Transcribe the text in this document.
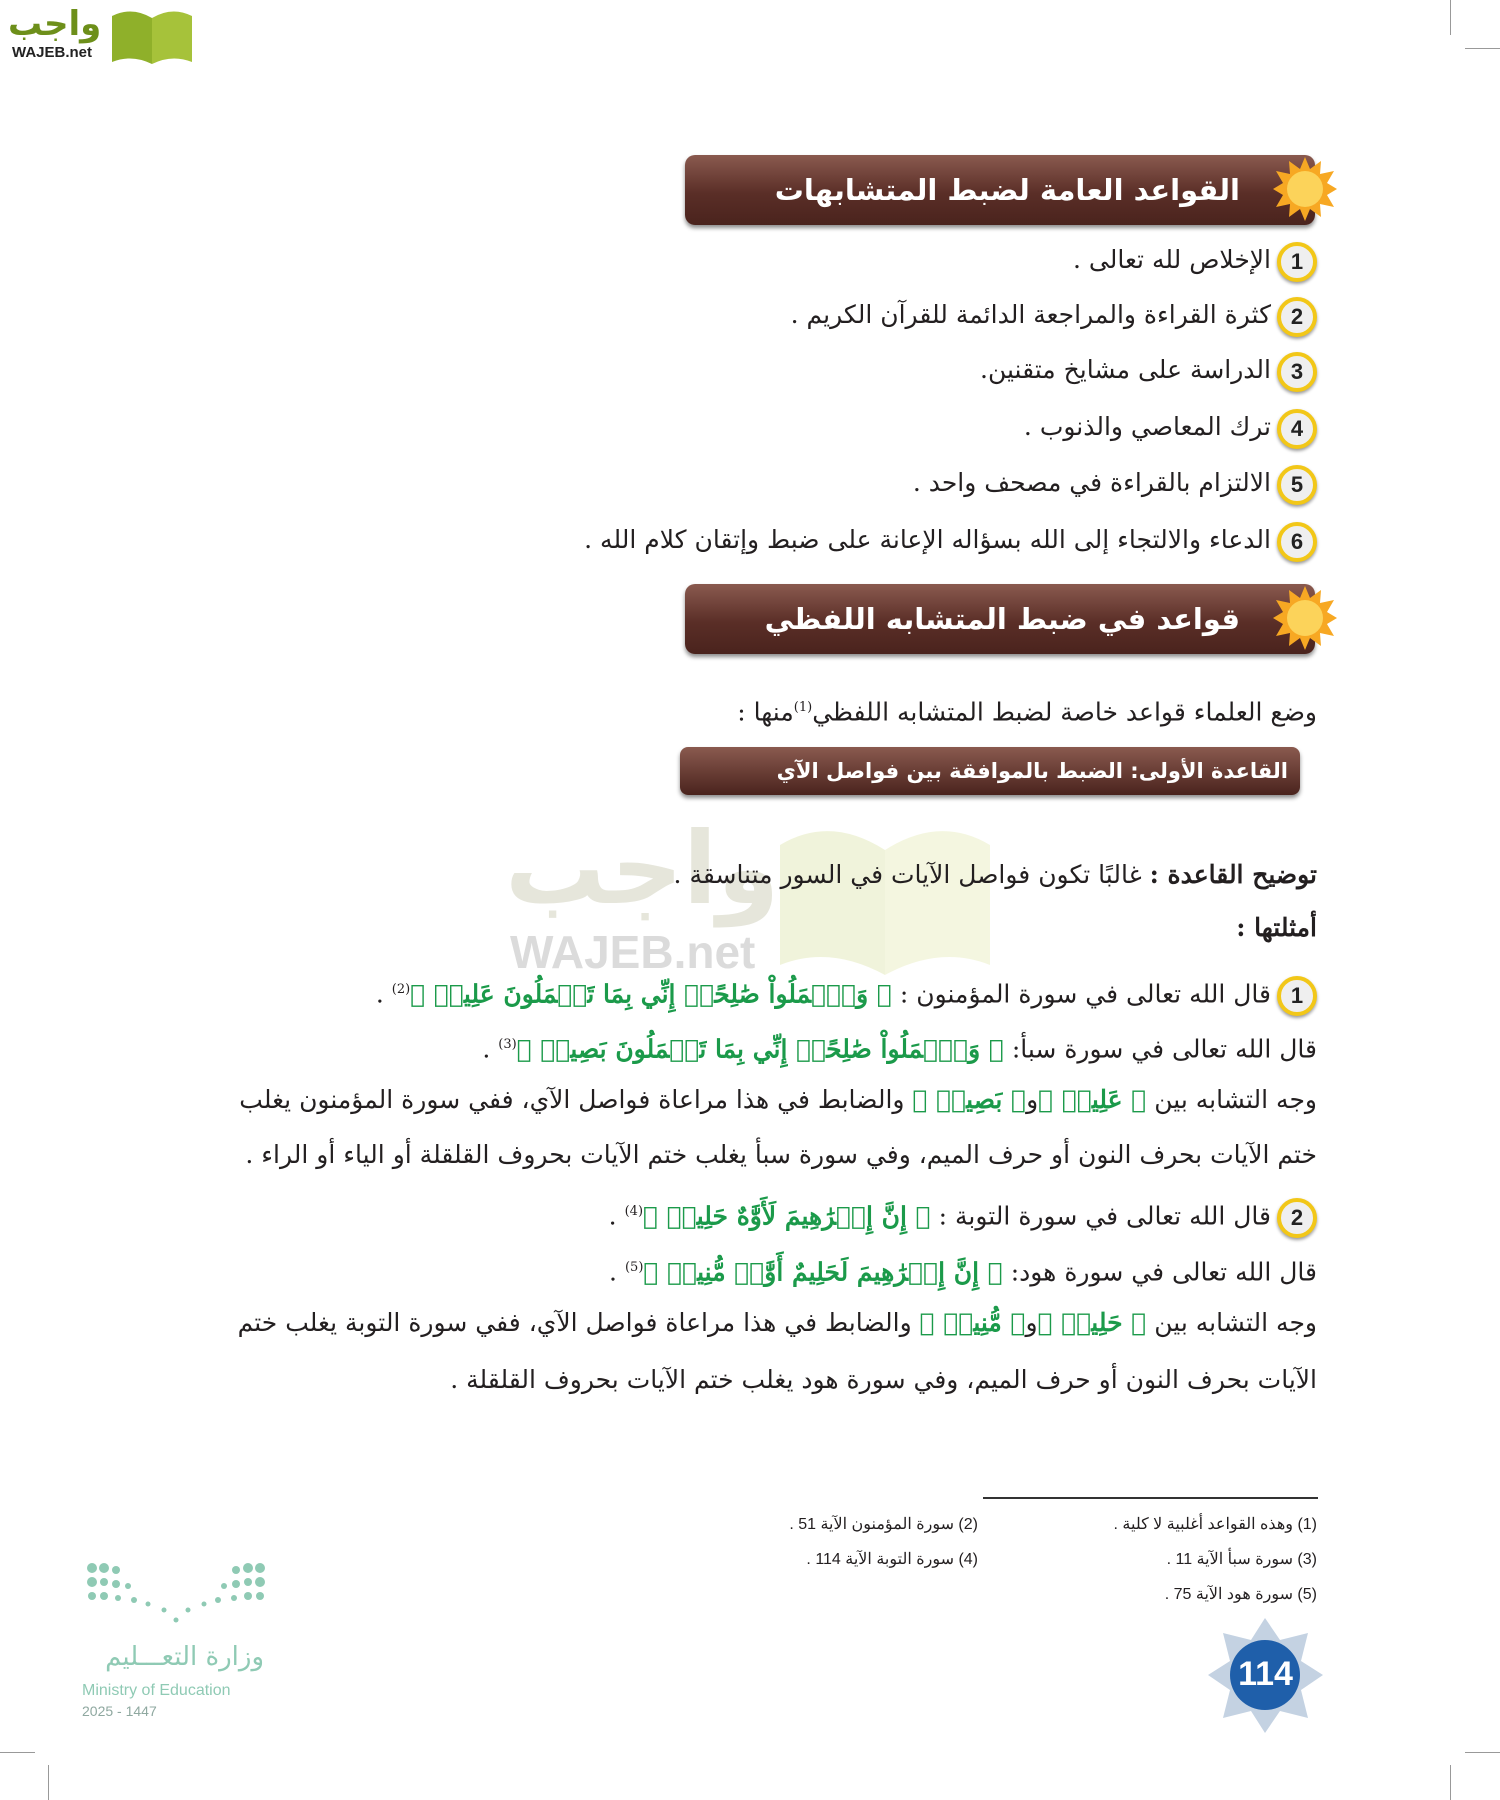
واجب
WAJEB.net
واجب
WAJEB.net
القواعد العامة لضبط المتشابهات
1الإخلاص لله تعالى .
2كثرة القراءة والمراجعة الدائمة للقرآن الكريم .
3الدراسة على مشايخ متقنين.
4ترك المعاصي والذنوب .
5الالتزام بالقراءة في مصحف واحد .
6الدعاء والالتجاء إلى الله بسؤاله الإعانة على ضبط وإتقان كلام الله .
قواعد في ضبط المتشابه اللفظي
وضع العلماء قواعد خاصة لضبط المتشابه اللفظي$^{(1)}$منها :
القاعدة الأولى: الضبط بالموافقة بين فواصل الآي
توضيح القاعدة : غالبًا تكون فواصل الآيات في السور متناسقة .
أمثلتها :
1قال الله تعالى في سورة المؤمنون : ﴿ وَٱعۡمَلُواْ صَٰلِحًاۖ إِنِّي بِمَا تَعۡمَلُونَ عَلِيمٞ ﴾$^{(2)}$ .
قال الله تعالى في سورة سبأ: ﴿ وَٱعۡمَلُواْ صَٰلِحًاۖ إِنِّي بِمَا تَعۡمَلُونَ بَصِيرٞ ﴾$^{(3)}$ .
وجه التشابه بين ﴿ عَلِيمٞ ﴾و﴿ بَصِيرٞ ﴾ والضابط في هذا مراعاة فواصل الآي، ففي سورة المؤمنون يغلب
ختم الآيات بحرف النون أو حرف الميم، وفي سورة سبأ يغلب ختم الآيات بحروف القلقلة أو الياء أو الراء .
2قال الله تعالى في سورة التوبة : ﴿ إِنَّ إِبۡرَٰهِيمَ لَأَوَّٰهٌ حَلِيمٞ ﴾$^{(4)}$ .
قال الله تعالى في سورة هود: ﴿ إِنَّ إِبۡرَٰهِيمَ لَحَلِيمٌ أَوَّٰهٞ مُّنِيبٞ ﴾$^{(5)}$ .
وجه التشابه بين ﴿ حَلِيمٞ ﴾و﴿ مُّنِيبٞ ﴾ والضابط في هذا مراعاة فواصل الآي، ففي سورة التوبة يغلب ختم
الآيات بحرف النون أو حرف الميم، وفي سورة هود يغلب ختم الآيات بحروف القلقلة .
(1) وهذه القواعد أغلبية لا كلية .
(2) سورة المؤمنون الآية 51 .
(3) سورة سبأ الآية 11 .
(4) سورة التوبة الآية 114 .
(5) سورة هود الآية 75 .
114
وزارة التعـــليم
Ministry of Education
2025 - 1447
